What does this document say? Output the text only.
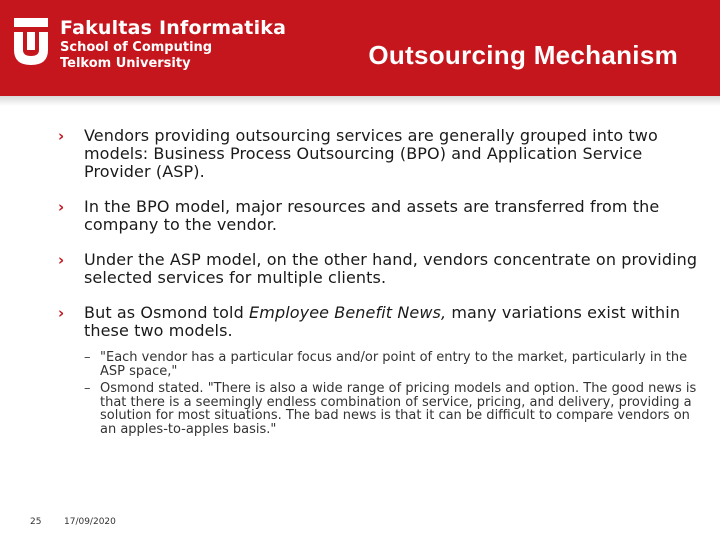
Fakultas Informatika
School of Computing
Telkom University	Outsourcing Mechanism
› Vendors providing outsourcing services are generally grouped into two models: Business Process Outsourcing (BPO) and Application Service Provider (ASP).
› In the BPO model, major resources and assets are transferred from the company to the vendor.
› Under the ASP model, on the other hand, vendors concentrate on providing selected services for multiple clients.
› But as Osmond told Employee Benefit News, many variations exist within these two models.
– "Each vendor has a particular focus and/or point of entry to the market, particularly in the ASP space,"
– Osmond stated. "There is also a wide range of pricing models and option. The good news is that there is a seemingly endless combination of service, pricing, and delivery, providing a solution for most situations. The bad news is that it can be difficult to compare vendors on an apples-to-apples basis."
25	17/09/2020
